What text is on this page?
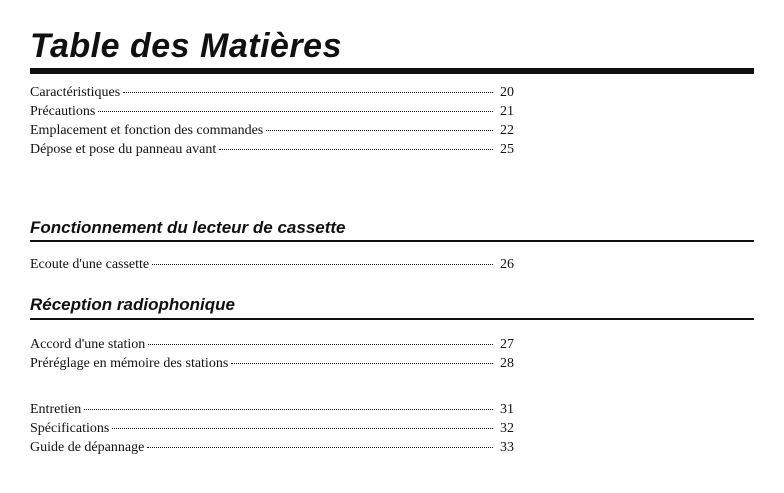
Table des Matières
Caractéristiques	20
Précautions	21
Emplacement et fonction des commandes	22
Dépose et pose du panneau avant	25
Fonctionnement du lecteur de cassette
Ecoute d'une cassette	26
Réception radiophonique
Accord d'une station	27
Préréglage en mémoire des stations	28
Entretien	31
Spécifications	32
Guide de dépannage	33
